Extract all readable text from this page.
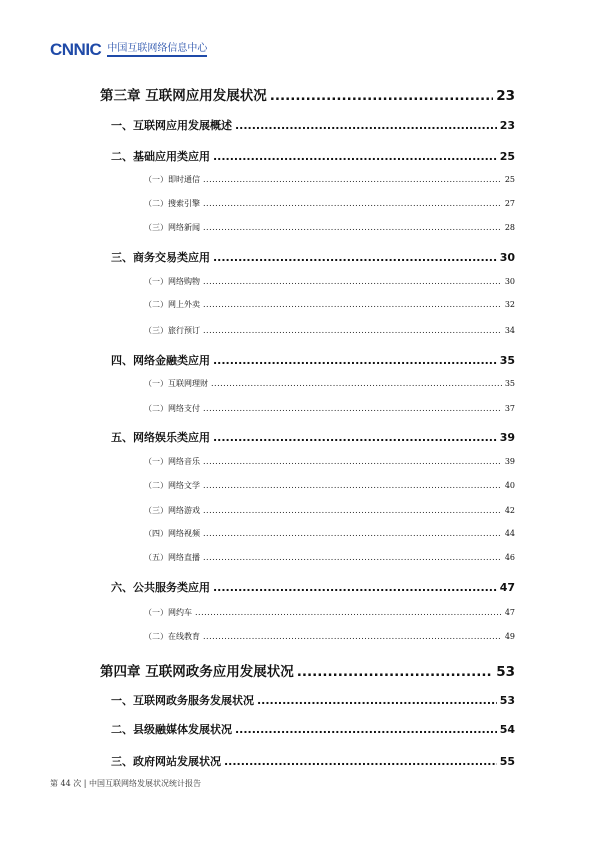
CNNIC 中国互联网络信息中心
第三章 互联网应用发展状况 .....	23
一、互联网应用发展概述 .....	23
二、基础应用类应用 .....	25
（一）即时通信 .....	25
（二）搜索引擎 .....	27
（三）网络新闻 .....	28
三、商务交易类应用 .....	30
（一）网络购物 .....	30
（二）网上外卖 .....	32
（三）旅行预订 .....	34
四、网络金融类应用 .....	35
（一）互联网理财 .....	35
（二）网络支付 .....	37
五、网络娱乐类应用 .....	39
（一）网络音乐 .....	39
（二）网络文学 .....	40
（三）网络游戏 .....	42
（四）网络视频 .....	44
（五）网络直播 .....	46
六、公共服务类应用 .....	47
（一）网约车 .....	47
（二）在线教育 .....	49
第四章 互联网政务应用发展状况 .....	53
一、互联网政务服务发展状况 .....	53
二、县级融媒体发展状况 .....	54
三、政府网站发展状况 .....	55
第 44 次 | 中国互联网络发展状况统计报告
